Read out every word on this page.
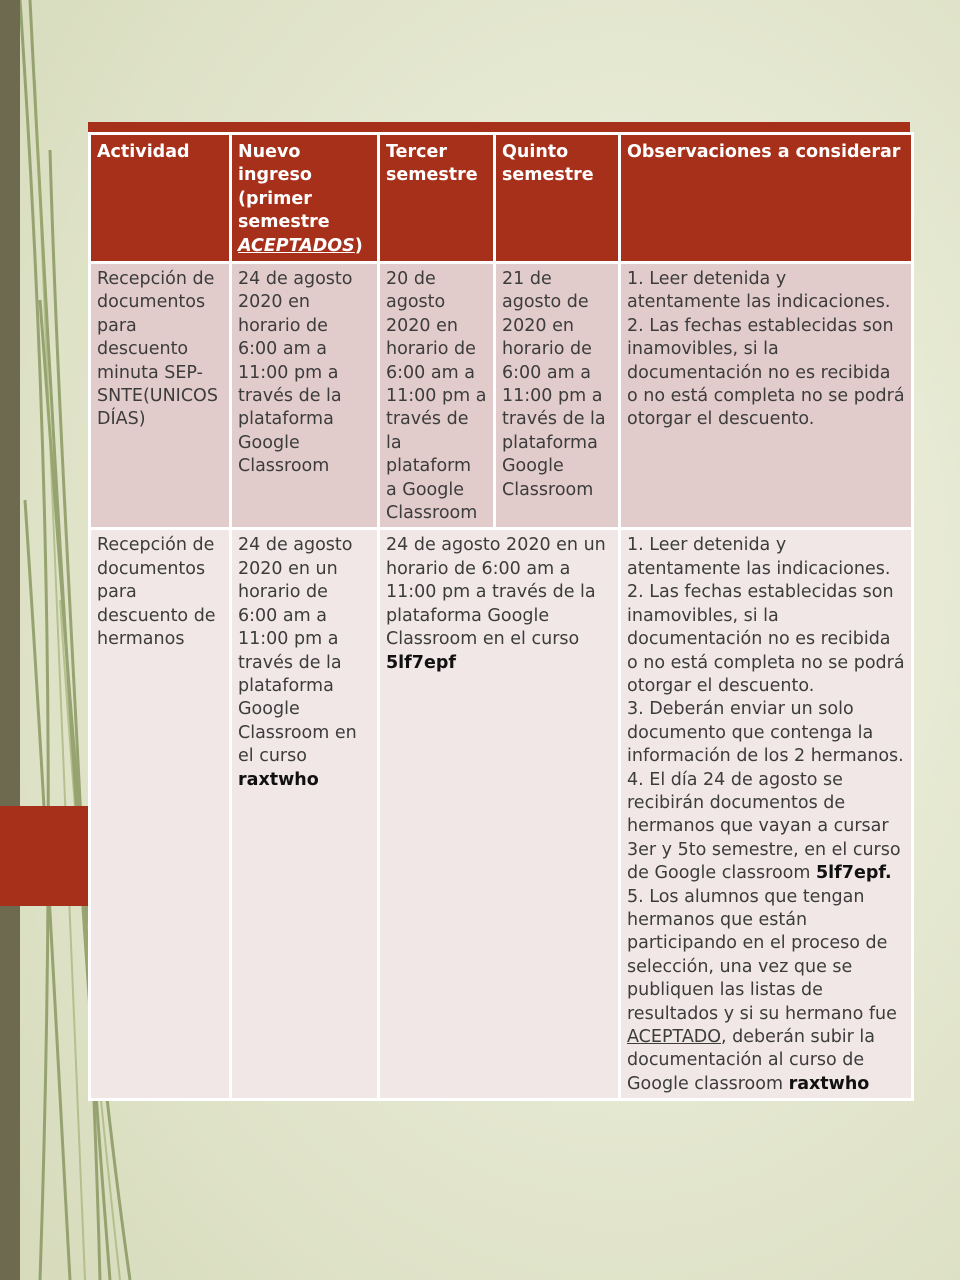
Actividad	Nuevo ingreso (primer semestre ACEPTADOS)	Tercer semestre	Quinto semestre	Observaciones a considerar
Recepción de documentos para descuento minuta SEP-SNTE(UNICOS DÍAS)	24 de agosto 2020 en horario de 6:00 am a 11:00 pm a través de la plataforma Google Classroom	20 de agosto 2020 en horario de 6:00 am a 11:00 pm a través de la plataform a Google Classroom	21 de agosto de 2020 en horario de 6:00 am a 11:00 pm a través de la plataforma Google Classroom	1. Leer detenida y atentamente las indicaciones.
2. Las fechas establecidas son inamovibles, si la documentación no es recibida o no está completa no se podrá otorgar el descuento.

Recepción de documentos para descuento de hermanos	24 de agosto 2020 en un horario de 6:00 am a 11:00 pm a través de la plataforma Google Classroom en el curso raxtwho	24 de agosto 2020 en un horario de 6:00 am a 11:00 pm a través de la plataforma Google Classroom en el curso 5lf7epf		1. Leer detenida y atentamente las indicaciones.
2. Las fechas establecidas son inamovibles, si la documentación no es recibida o no está completa no se podrá otorgar el descuento.
3. Deberán enviar un solo documento que contenga la información de los 2 hermanos.
4. El día 24 de agosto se recibirán documentos de hermanos que vayan a cursar 3er y 5to semestre, en el curso de Google classroom 5lf7epf.
5. Los alumnos que tengan hermanos que están participando en el proceso de selección, una vez que se publiquen las listas de resultados y si su hermano fue ACEPTADO, deberán subir la documentación al curso de Google classroom raxtwho
